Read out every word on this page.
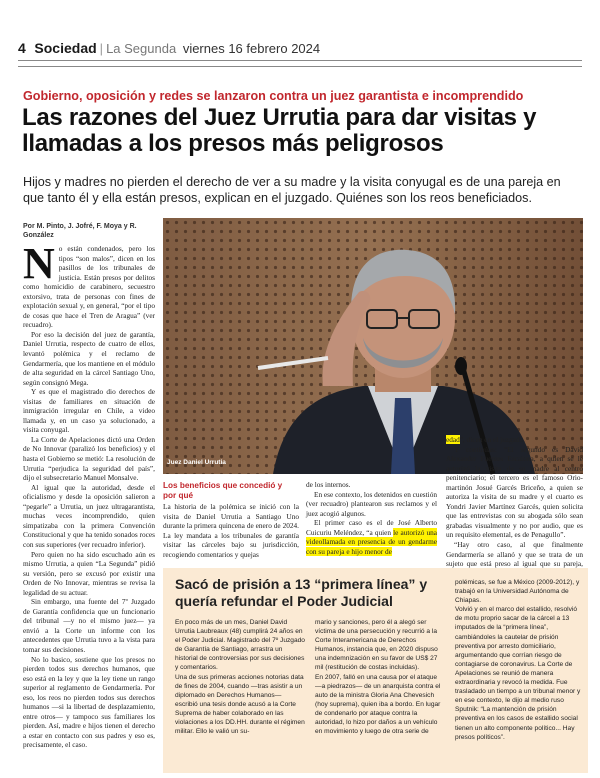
4 Sociedad | La Segunda viernes 16 febrero 2024
Gobierno, oposición y redes se lanzaron contra un juez garantista e incomprendido
Las razones del Juez Urrutia para dar visitas y llamadas a los presos más peligrosos
Hijos y madres no pierden el derecho de ver a su madre y la visita conyugal es de una pareja en que tanto él y ella están presos, explican en el juzgado. Quiénes son los reos beneficiados.
Por M. Pinto, J. Jofré, F. Moya y R. González
N o están condenados, pero los tipos “son malos”, dicen en los pasillos de los tribunales de justicia. Están presos por delitos como homicidio de carabinero, secuestro extorsivo, trata de personas con fines de explotación sexual y, en general, “por el tipo de cosas que hace el Tren de Aragua” (ver recuadro).

Por eso la decisión del juez de garantía, Daniel Urrutia, respecto de cuatro de ellos, levantó polémica y el reclamo de Gendarmería, que los mantiene en el módulo de alta seguridad en la cárcel Santiago Uno, según consignó Mega.

Y es que el magistrado dio derechos de visitas de familiares en situación de inmigración irregular en Chile, a video llamada y, en un caso ya solucionado, a visita conyugal.

La Corte de Apelaciones dictó una Orden de No Innovar (paralizó los beneficios) y el hasta el Gobierno se metió: La resolución de Urrutia “perjudica la seguridad del país”, dijo el subsecretario Manuel Monsalve.

Al igual que la autoridad, desde el oficialismo y desde la oposición salieron a “pegarle” a Urrutia, un juez ultragarantista, muchas veces incomprendido, quien simpatizaba con la primera Convención Constitucional y que ha tenido sonados roces con sus superiores (ver recuadro inferior).

Pero quien no ha sido escuchado aún es mismo Urrutia, a quien “La Segunda” pidió su versión, pero se excusó por existir una Orden de No Innovar, mientras se revisa la legalidad de su actuar.

Sin embargo, una fuente del 7º Juzgado de Garantía confidencia que un funcionario del tribunal —y no el mismo juez— ya envió a la Corte un informe con los antecedentes que Urrutia tuvo a la vista para tomar sus decisiones.

No lo basico, sostiene que los presos no pierden todos sus derechos humanos, que eso está en la ley y que la ley tiene un rango superior al reglamento de Gendarmería. Por eso, los reos no pierden todos sus derechos humanos —si la libertad de desplazamiento, entre otros— y tampoco sus familiares los pierden. Así, madre e hijos tienen el derecho a estar en contacto con sus padres y eso es, precisamente, el caso.

Juez Daniel Urrutia
Los beneficios que concedió y por qué

La historia de la polémica se inició con la visita de Daniel Urrutia a Santiago Uno durante la primera quincena de enero de 2024. La ley mandata a los tribunales de garantía visitar las cárceles bajo su jurisdicción, recogiendo comentarios y quejas

de los internos.

En ese contexto, los detenidos en cuestión (ver recuadro) plantearon sus reclamos y el juez acogió algunos.

El primer caso es el de José Alberto Cuicuriu Meléndez, “a quien le autorizó una videollamada en presencia de un gendarme con su pareja e hijo menor de

edad”, dicen en el juzgado.

Y continúan: “El segundo es David Alexander Fuentes Escalona, a quien se le autorizó la visita de su madre al centro penitenciario; el tercero es el famoso Orio-martinón Josué Garcés Briceño, a quien se autoriza la visita de su madre y el cuarto es Yondri Javier Martínez Garcés, quien solicita que las entrevistas con su abogada sólo sean grabadas visualmente y no por audio, que es un requisito elemental, es de Penagullo”.

“Hay otro caso, al que finalmente Gendarmería se allanó y que se trata de un sujeto que está preso al igual que su pareja,

Sacó de prisión a 13 “primera línea” y quería refundar el Poder Judicial
En poco más de un mes, Daniel David Urrutia Laubreaux (48) cumplirá 24 años en el Poder Judicial. Magistrado del 7º Juzgado de Garantía de Santiago, arrastra un historial de controversias por sus decisiones y comentarios.
Una de sus primeras acciones notorias data de fines de 2004, cuando —tras asistir a un diplomado en Derechos Humanos— escribió una tesis donde acusó a la Corte Suprema de haber colaborado en las violaciones a los DD.HH. durante el régimen militar. Ello le valió un su-
mario y sanciones, pero él a alegó ser víctima de una persecución y recurrió a la Corte Interamericana de Derechos Humanos, instancia que, en 2020 dispuso una indemnización en su favor de US$ 27 mil (restitución de costas incluidas).
En 2007, falló en una causa por el ataque —a piedrazos— de un anarquista contra el auto de la ministra Gloria Ana Chevesich (hoy suprema), quien iba a bordo. En lugar de condenarlo por ataque contra la autoridad, lo hizo por daños a un vehículo en movimiento y luego de otra serie de
polémicas, se fue a México (2009-2012), y trabajó en la Universidad Autónoma de Chiapas.
Volvió y en el marco del estallido, resolvió de motu proprio sacar de la cárcel a 13 imputados de la “primera línea”, cambiándoles la cautelar de prisión preventiva por arresto domiciliario, argumentando que corrían riesgo de contagiarse de coronavirus. La Corte de Apelaciones se reunió de manera extraordinaria y revocó la medida. Fue trasladado un tiempo a un tribunal menor y en ese contexto, le dijo al medio ruso Sputnik: “La mantención de prisión preventiva en los casos de estallido social tienen un alto componente político... Hay presos políticos”.
